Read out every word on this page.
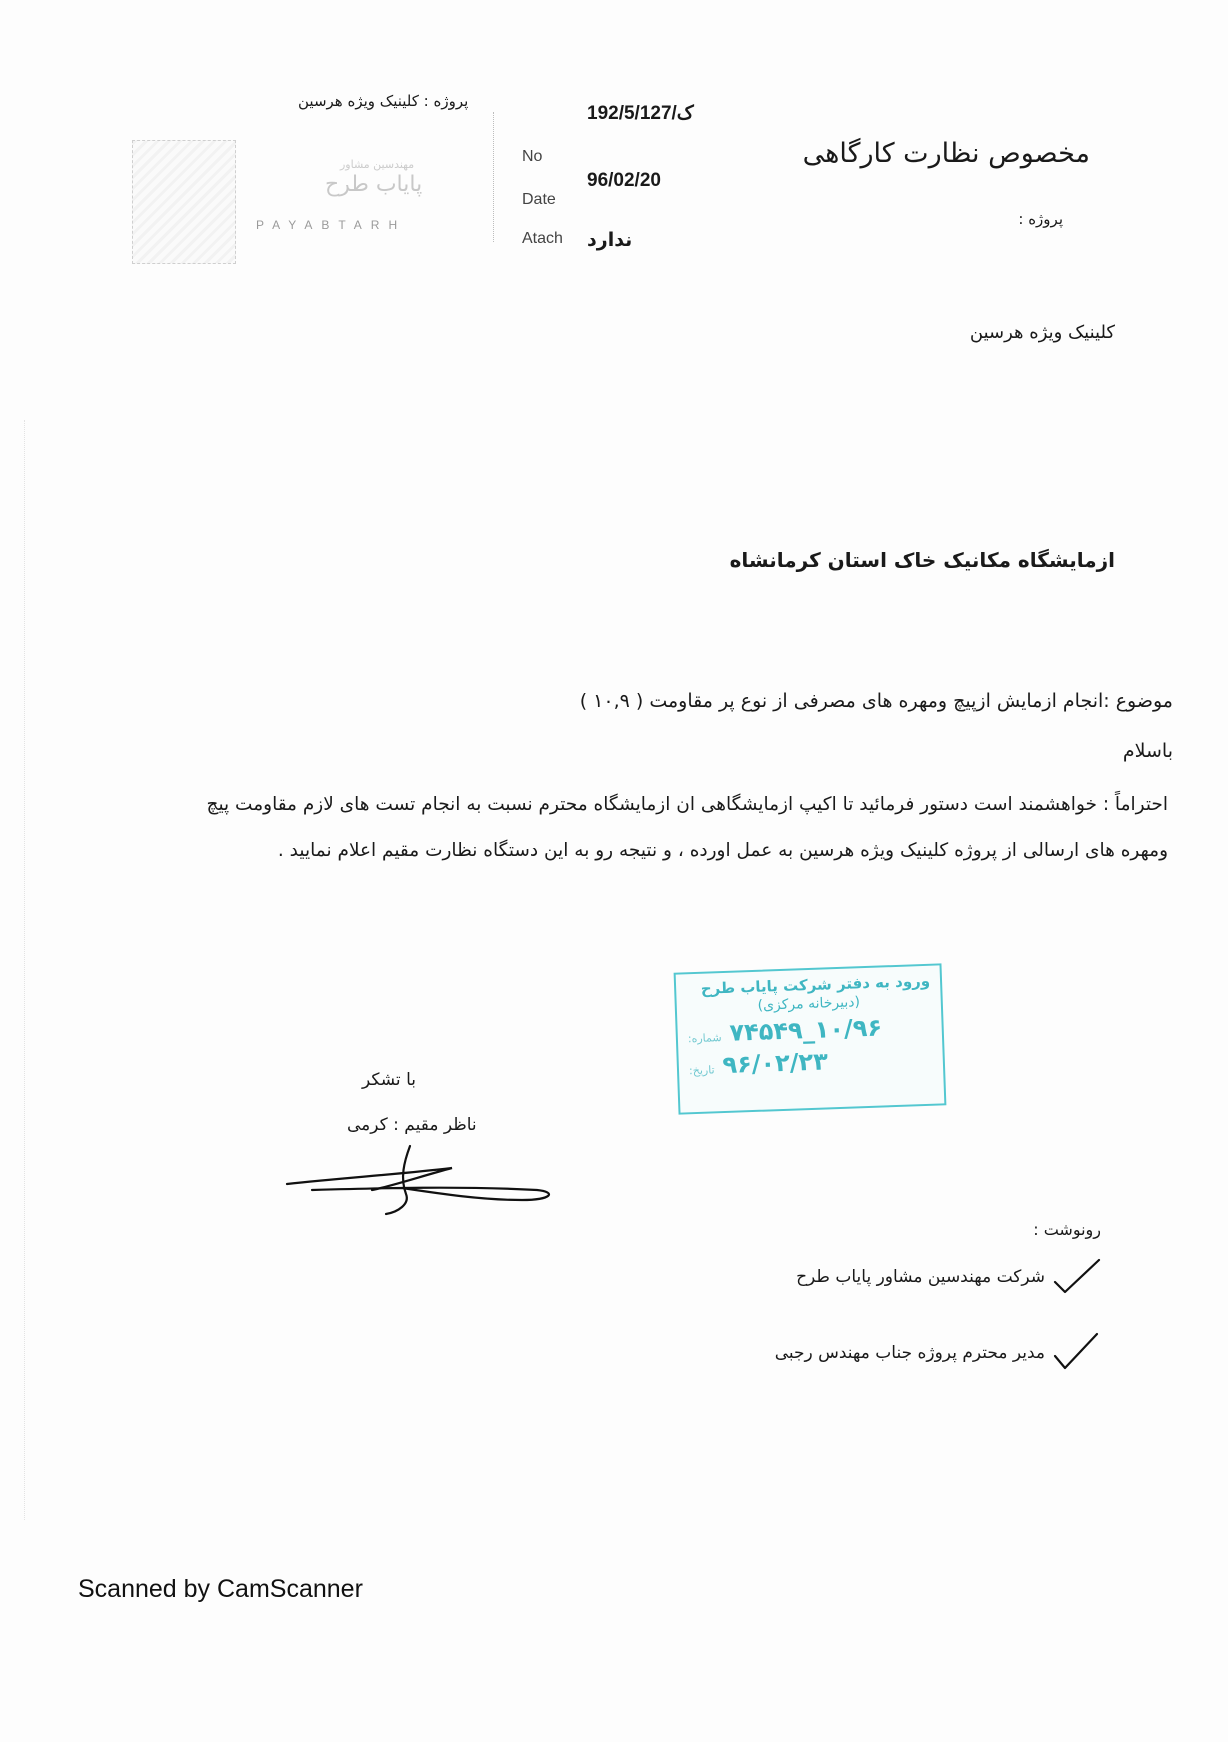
مخصوص نظارت کارگاهی
پروژه :
پروژه : کلینیک ویژه هرسین
مهندسین مشاور
پایاب طرح
PAYABTARH
No
192/5/ک/127
Date
96/02/20
Atach ندارد
کلینیک ویژه هرسین
ازمایشگاه مکانیک خاک استان کرمانشاه
موضوع :انجام ازمایش ازپیچ ومهره های مصرفی از نوع پر مقاومت ( ۱۰,۹ )
باسلام
احتراماً : خواهشمند است دستور فرمائید تا اکیپ ازمایشگاهی ان ازمایشگاه محترم نسبت به انجام تست های لازم مقاومت پیچ ومهره های ارسالی از پروژه کلینیک ویژه هرسین به عمل اورده ، و نتیجه رو به این دستگاه نظارت مقیم اعلام نمایید .
ورود به دفتر شرکت پایاب طرح
(دبیرخانه مرکزی)
شماره: ۱۰/۹۶_۷۴۵۴۹
تاریخ: ۹۶/۰۲/۲۳
با تشکر
ناظر مقیم : کرمی
رونوشت :
شرکت مهندسین مشاور پایاب طرح
مدیر محترم پروژه جناب مهندس رجبی
Scanned by CamScanner
